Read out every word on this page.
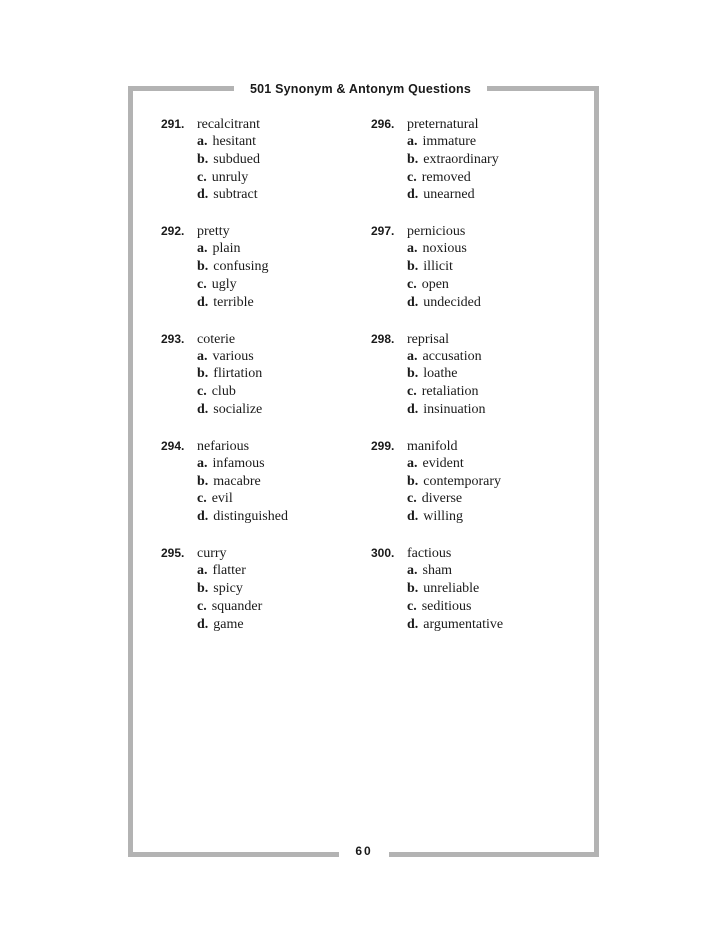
501 Synonym & Antonym Questions
291. recalcitrant
a. hesitant
b. subdued
c. unruly
d. subtract
292. pretty
a. plain
b. confusing
c. ugly
d. terrible
293. coterie
a. various
b. flirtation
c. club
d. socialize
294. nefarious
a. infamous
b. macabre
c. evil
d. distinguished
295. curry
a. flatter
b. spicy
c. squander
d. game
296. preternatural
a. immature
b. extraordinary
c. removed
d. unearned
297. pernicious
a. noxious
b. illicit
c. open
d. undecided
298. reprisal
a. accusation
b. loathe
c. retaliation
d. insinuation
299. manifold
a. evident
b. contemporary
c. diverse
d. willing
300. factious
a. sham
b. unreliable
c. seditious
d. argumentative
60
